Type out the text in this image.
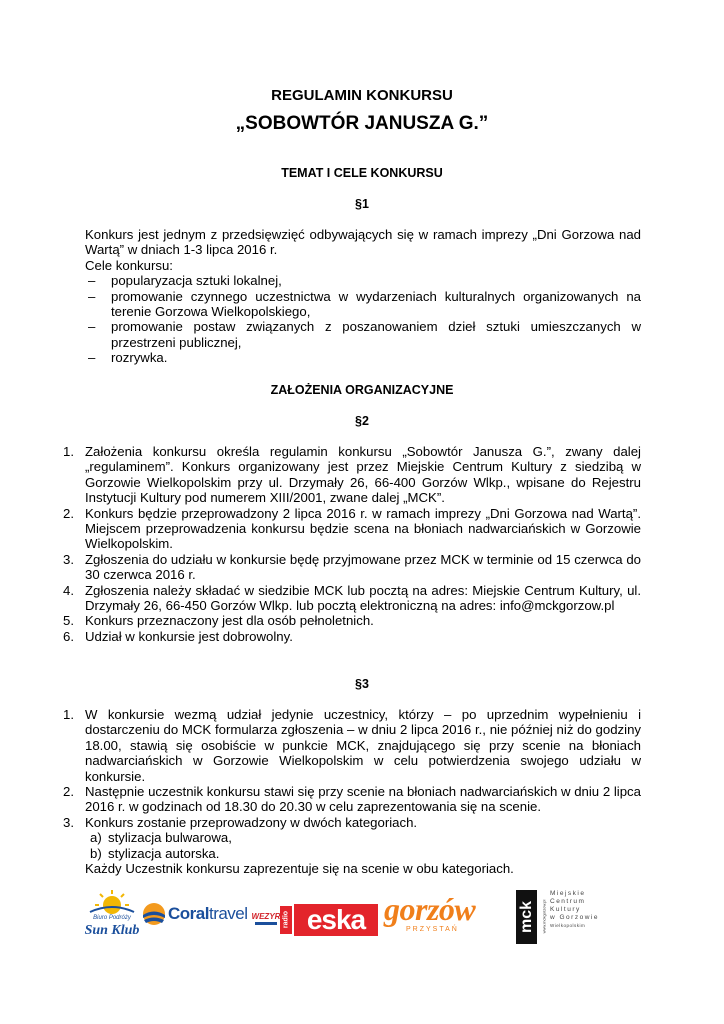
REGULAMIN KONKURSU
„SOBOWTÓR JANUSZA G.”
TEMAT I CELE KONKURSU
§1
Konkurs jest jednym z przedsięwzięć odbywających się w ramach imprezy „Dni Gorzowa nad Wartą” w dniach 1-3 lipca 2016 r.
Cele konkursu:
– popularyzacja sztuki lokalnej,
– promowanie czynnego uczestnictwa w wydarzeniach kulturalnych organizowanych na terenie Gorzowa Wielkopolskiego,
– promowanie postaw związanych z poszanowaniem dzieł sztuki umieszczanych w przestrzeni publicznej,
– rozrywka.
ZAŁOŻENIA ORGANIZACYJNE
§2
1. Założenia konkursu określa regulamin konkursu „Sobowtór Janusza G.”, zwany dalej „regulaminem”. Konkurs organizowany jest przez Miejskie Centrum Kultury z siedzibą w Gorzowie Wielkopolskim przy ul. Drzymały 26, 66-400 Gorzów Wlkp., wpisane do Rejestru Instytucji Kultury pod numerem XIII/2001, zwane dalej „MCK”.
2. Konkurs będzie przeprowadzony 2 lipca 2016 r. w ramach imprezy „Dni Gorzowa nad Wartą”. Miejscem przeprowadzenia konkursu będzie scena na błoniach nadwarciańskich w Gorzowie Wielkopolskim.
3. Zgłoszenia do udziału w konkursie będę przyjmowane przez MCK w terminie od 15 czerwca do 30 czerwca 2016 r.
4. Zgłoszenia należy składać w siedzibie MCK lub pocztą na adres: Miejskie Centrum Kultury, ul. Drzymały 26, 66-450 Gorzów Wlkp. lub pocztą elektroniczną na adres: info@mckgorzow.pl
5. Konkurs przeznaczony jest dla osób pełnoletnich.
6. Udział w konkursie jest dobrowolny.
§3
1. W konkursie wezmą udział jedynie uczestnicy, którzy – po uprzednim wypełnieniu i dostarczeniu do MCK formularza zgłoszenia – w dniu 2 lipca 2016 r., nie później niż do godziny 18.00, stawią się osobiście w punkcie MCK, znajdującego się przy scenie na błoniach nadwarciańskich w Gorzowie Wielkopolskim w celu potwierdzenia swojego udziału w konkursie.
2. Następnie uczestnik konkursu stawi się przy scenie na błoniach nadwarciańskich w dniu 2 lipca 2016 r. w godzinach od 18.30 do 20.30 w celu zaprezentowania się na scenie.
3. Konkurs zostanie przeprowadzony w dwóch kategoriach.
a) stylizacja bulwarowa,
b) stylizacja autorska.
Każdy Uczestnik konkursu zaprezentuje się na scenie w obu kategoriach.
Biuro Podróży
Sun Klub
Coraltravel WEZYR radio eska gorzów
PRZYSTAŃ	mck www.mckgorzow.pl
Miejskie
Centrum
Kultury
w Gorzowie
Wielkopolskim
